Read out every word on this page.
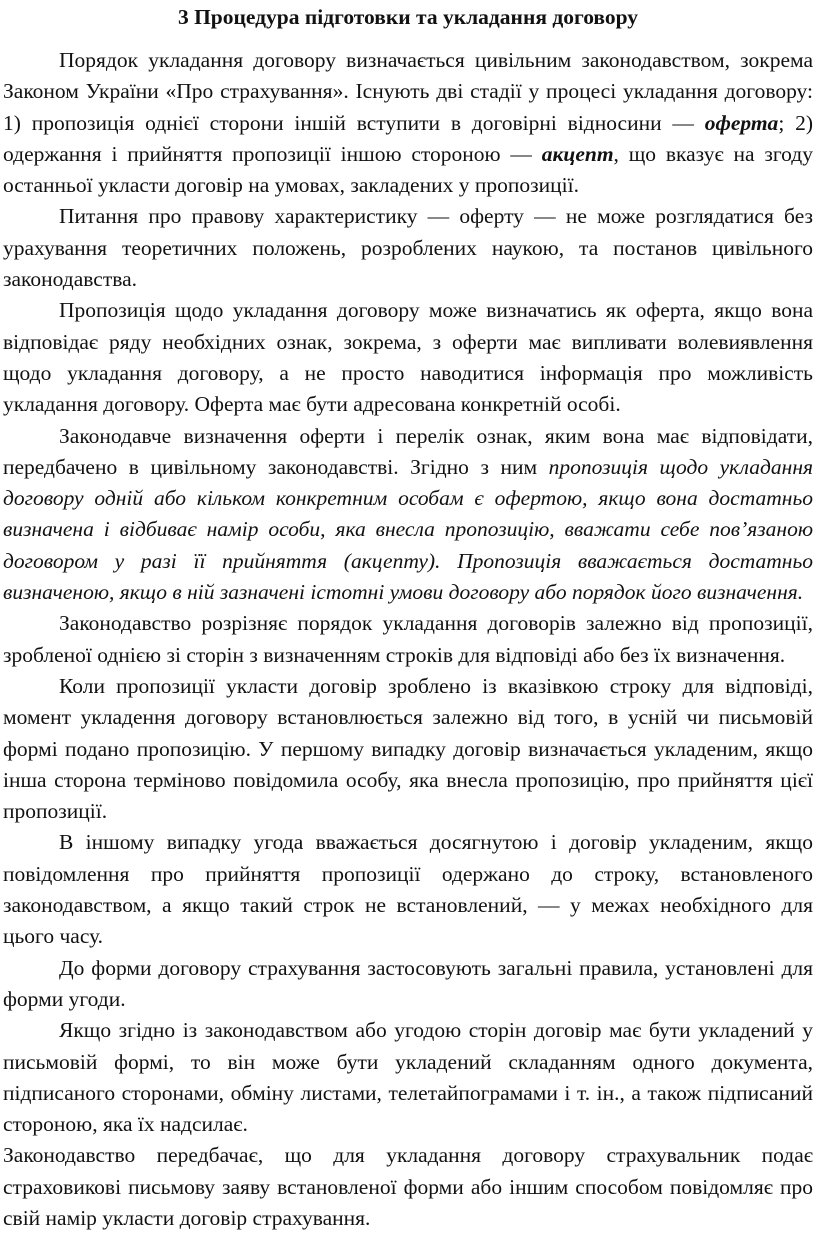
3 Процедура підготовки та укладання договору

Порядок укладання договору визначається цивільним законодавством, зокрема Законом України «Про страхування». Існують дві стадії у процесі укладання договору: 1) пропозиція однієї сторони іншій вступити в договірні відносини — оферта; 2) одержання і прийняття пропозиції іншою стороною — акцепт, що вказує на згоду останньої укласти договір на умовах, закладених у пропозиції.

Питання про правову характеристику — оферту — не може розглядатися без урахування теоретичних положень, розроблених наукою, та постанов цивільного законодавства.

Пропозиція щодо укладання договору може визначатись як оферта, якщо вона відповідає ряду необхідних ознак, зокрема, з оферти має випливати волевиявлення щодо укладання договору, а не просто наводитися інформація про можливість укладання договору. Оферта має бути адресована конкретній особі.

Законодавче визначення оферти і перелік ознак, яким вона має відповідати, передбачено в цивільному законодавстві. Згідно з ним пропозиція щодо укладання договору одній або кільком конкретним особам є офертою, якщо вона достатньо визначена і відбиває намір особи, яка внесла пропозицію, вважати себе пов’язаною договором у разі її прийняття (акцепту). Пропозиція вважається достатньо визначеною, якщо в ній зазначені істотні умови договору або порядок його визначення.

Законодавство розрізняє порядок укладання договорів залежно від пропозиції, зробленої однією зі сторін з визначенням строків для відповіді або без їх визначення.

Коли пропозиції укласти договір зроблено із вказівкою строку для відповіді, момент укладення договору встановлюється залежно від того, в усній чи письмовій формі подано пропозицію. У першому випадку договір визначається укладеним, якщо інша сторона терміново повідомила особу, яка внесла пропозицію, про прийняття цієї пропозиції.

В іншому випадку угода вважається досягнутою і договір укладеним, якщо повідомлення про прийняття пропозиції одержано до строку, встановленого законодавством, а якщо такий строк не встановлений, — у межах необхідного для цього часу.

До форми договору страхування застосовують загальні правила, установлені для форми угоди.

Якщо згідно із законодавством або угодою сторін договір має бути укладений у письмовій формі, то він може бути укладений складанням одного документа, підписаного сторонами, обміну листами, телетайпограмами і т. ін., а також підписаний стороною, яка їх надсилає.

Законодавство передбачає, що для укладання договору страхувальник подає страховикові письмову заяву встановленої форми або іншим способом повідомляє про свій намір укласти договір страхування.
